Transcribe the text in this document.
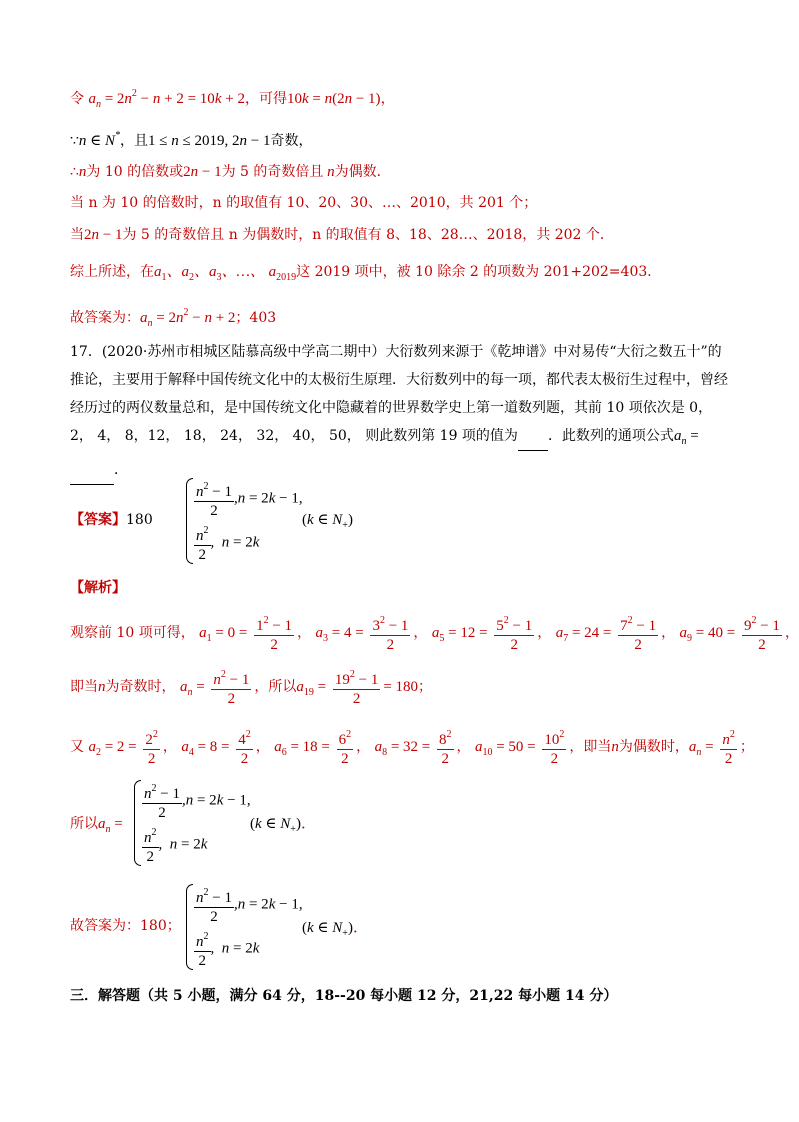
令 $a_n = 2n^2 - n + 2 = 10k + 2$，可得10k = n(2n − 1)，
∵n ∈ N*，且1 ≤ n ≤ 2019, 2n − 1奇数，
∴n为 10 的倍数或2n − 1为 5 的奇数倍且 n为偶数．
当 n 为 10 的倍数时，n 的取值有 10、20、30、…、2010，共 201 个；
当2n − 1为 5 的奇数倍且 n 为偶数时，n 的取值有 8、18、28…、2018，共 202 个．
综上所述，在$a_1$、$a_2$、$a_3$、…、 $a_{2019}$这 2019 项中，被 10 除余 2 的项数为 201+202=403．
故答案为：$a_n = 2n^2 - n + 2$；403
17．(2020·苏州市相城区陆慕高级中学高二期中）大衍数列来源于《乾坤谱》中对易传“大衍之数五十”的推论，主要用于解释中国传统文化中的太极衍生原理．大衍数列中的每一项，都代表太极衍生过程中，曾经经历过的两仪数量总和，是中国传统文化中隐藏着的世界数学史上第一道数列题，其前 10 项依次是 0， 2， 4， 8，12， 18， 24， 32， 40， 50， 则此数列第 19 项的值为 ．此数列的通项公式$a_n$ =  ．
【答案】180	$\frac{n^2 - 1}{2} ,n = 2k - 1$,
$\frac{n^2}{2}$ ,  n = 2k
(k ∈ $N_+$)
【解析】
观察前 10 项可得， $a_1 = 0 = \frac{1^2 - 1}{2}$ ， $a_3 = 4 = \frac{3^2 - 1}{2}$ ， $a_5 = 12 = \frac{5^2 - 1}{2}$ ， $a_7 = 24 = \frac{7^2 - 1}{2}$ ， $a_9 = 40 = \frac{9^2 - 1}{2}$ ，
即当n为奇数时， $a_n = \frac{n^2 - 1}{2}$ ，所以$a_{19} = \frac{19^2 - 1}{2} = 180$；
又 $a_2 = 2 = \frac{2^2}{2}$ ， $a_4 = 8 = \frac{4^2}{2}$ ， $a_6 = 18 = \frac{6^2}{2}$ ， $a_8 = 32 = \frac{8^2}{2}$ ， $a_{10} = 50 = \frac{10^2}{2}$ ，即当n为偶数时，$a_n = \frac{n^2}{2}$ ；
所以$a_n$ =
$\frac{n^2 - 1}{2} ,n = 2k - 1$,
$\frac{n^2}{2}$ ,  n = 2k
(k ∈ $N_+$)．
故答案为：180； $\frac{n^2 - 1}{2} ,n = 2k - 1$,
$\frac{n^2}{2}$ ,  n = 2k
(k ∈ $N_+$)．
三．解答题（共 5 小题，满分 64 分，18--20 每小题 12 分，21,22 每小题 14 分）
